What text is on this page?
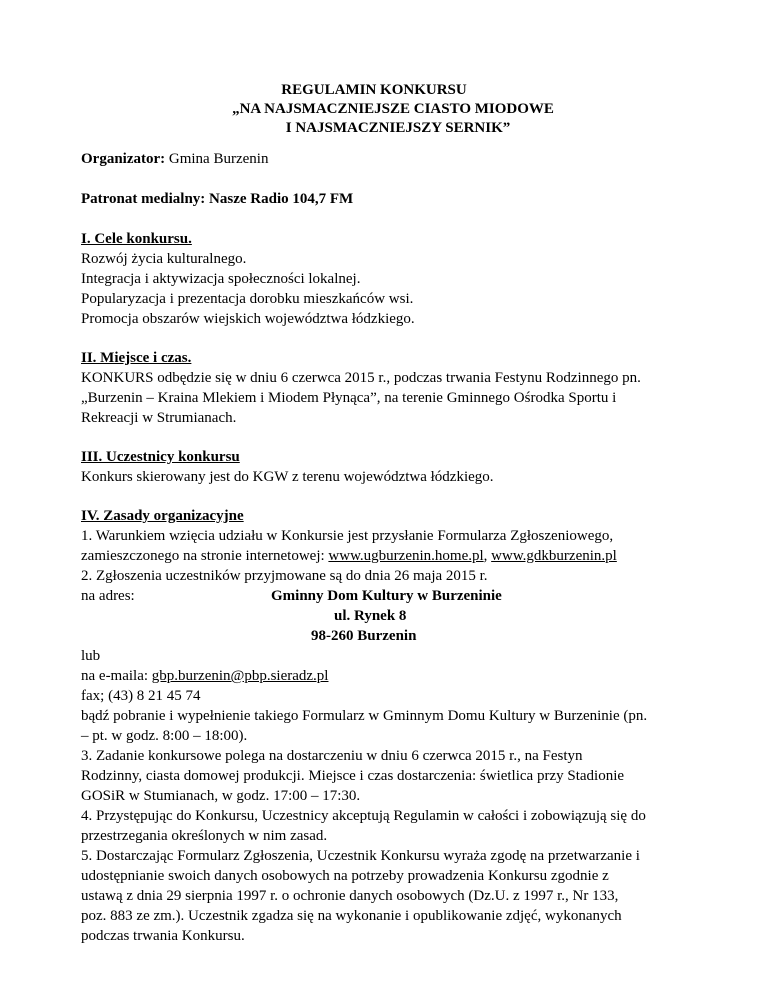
REGULAMIN KONKURSU
„NA NAJSMACZNIEJSZE CIASTO MIODOWE
I NAJSMACZNIEJSZY SERNIK”
Organizator: Gmina Burzenin
Patronat medialny: Nasze Radio 104,7 FM
I. Cele konkursu.
Rozwój życia kulturalnego.
Integracja i aktywizacja społeczności lokalnej.
Popularyzacja i prezentacja dorobku mieszkańców wsi.
Promocja obszarów wiejskich województwa łódzkiego.
II. Miejsce i czas.
KONKURS odbędzie się w dniu 6 czerwca 2015 r., podczas trwania Festynu Rodzinnego pn.
„Burzenin – Kraina Mlekiem i Miodem Płynąca”, na terenie Gminnego Ośrodka Sportu i
Rekreacji w Strumianach.
III. Uczestnicy konkursu
Konkurs skierowany jest do KGW z terenu województwa łódzkiego.
IV. Zasady organizacyjne
1. Warunkiem wzięcia udziału w Konkursie jest przysłanie Formularza Zgłoszeniowego,
zamieszczonego na stronie internetowej: www.ugburzenin.home.pl, www.gdkburzenin.pl
2. Zgłoszenia uczestników przyjmowane są do dnia 26 maja 2015 r.
na adres:	Gminny Dom Kultury w Burzeninie
ul. Rynek 8
98-260 Burzenin
lub
na e-maila: gbp.burzenin@pbp.sieradz.pl
fax; (43) 8 21 45 74
bądź pobranie i wypełnienie takiego Formularz w Gminnym Domu Kultury w Burzeninie (pn.
– pt. w godz. 8:00 – 18:00).
3. Zadanie konkursowe polega na dostarczeniu w dniu 6 czerwca 2015 r., na Festyn
Rodzinny, ciasta domowej produkcji. Miejsce i czas dostarczenia: świetlica przy Stadionie
GOSiR w Stumianach, w godz. 17:00 – 17:30.
4. Przystępując do Konkursu, Uczestnicy akceptują Regulamin w całości i zobowiązują się do
przestrzegania określonych w nim zasad.
5. Dostarczając Formularz Zgłoszenia, Uczestnik Konkursu wyraża zgodę na przetwarzanie i
udostępnianie swoich danych osobowych na potrzeby prowadzenia Konkursu zgodnie z
ustawą z dnia 29 sierpnia 1997 r. o ochronie danych osobowych (Dz.U. z 1997 r., Nr 133,
poz. 883 ze zm.). Uczestnik zgadza się na wykonanie i opublikowanie zdjęć, wykonanych
podczas trwania Konkursu.
